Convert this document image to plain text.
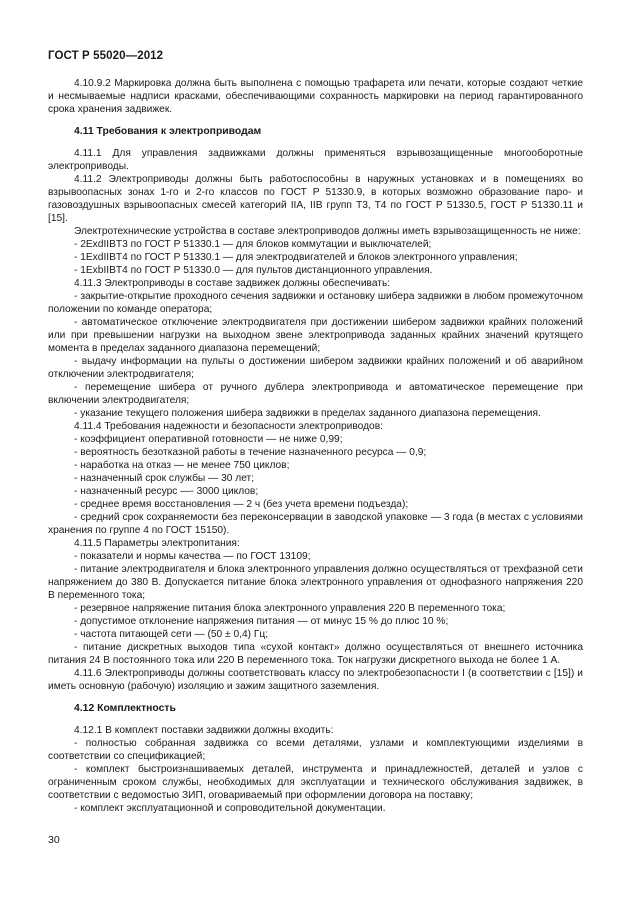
ГОСТ Р 55020—2012

4.10.9.2 Маркировка должна быть выполнена с помощью трафарета или печати, которые создают четкие и несмываемые надписи красками, обеспечивающими сохранность маркировки на период гарантированного срока хранения задвижек.

4.11 Требования к электроприводам

4.11.1 Для управления задвижками должны применяться взрывозащищенные многооборотные электроприводы.

4.11.2 Электроприводы должны быть работоспособны в наружных установках и в помещениях во взрывоопасных зонах 1-го и 2-го классов по ГОСТ Р 51330.9, в которых возможно образование паро- и газовоздушных взрывоопасных смесей категорий IIA, IIB групп T3, T4 по ГОСТ Р 51330.5, ГОСТ Р 51330.11 и [15].

Электротехнические устройства в составе электроприводов должны иметь взрывозащищенность не ниже:

- 2ExdIIBT3 по ГОСТ Р 51330.1 — для блоков коммутации и выключателей;

- 1ExdIIBT4 по ГОСТ Р 51330.1 — для электродвигателей и блоков электронного управления;

- 1ExbIIBT4 по ГОСТ Р 51330.0 — для пультов дистанционного управления.

4.11.3 Электроприводы в составе задвижек должны обеспечивать:

- закрытие-открытие проходного сечения задвижки и остановку шибера задвижки в любом промежуточном положении по команде оператора;

- автоматическое отключение электродвигателя при достижении шибером задвижки крайних положений или при превышении нагрузки на выходном звене электропривода заданных крайних значений крутящего момента в пределах заданного диапазона перемещений;

- выдачу информации на пульты о достижении шибером задвижки крайних положений и об аварийном отключении электродвигателя;

- перемещение шибера от ручного дублера электропривода и автоматическое перемещение при включении электродвигателя;

- указание текущего положения шибера задвижки в пределах заданного диапазона перемещения.

4.11.4 Требования надежности и безопасности электроприводов:

- коэффициент оперативной готовности — не ниже 0,99;

- вероятность безотказной работы в течение назначенного ресурса — 0,9;

- наработка на отказ — не менее 750 циклов;

- назначенный срок службы — 30 лет;

- назначенный ресурс —- 3000 циклов;

- среднее время восстановления — 2 ч (без учета времени подъезда);

- средний срок сохраняемости без переконсервации в заводской упаковке — 3 года (в местах с условиями хранения по группе 4 по ГОСТ 15150).

4.11.5 Параметры электропитания:

- показатели и нормы качества — по ГОСТ 13109;

- питание электродвигателя и блока электронного управления должно осуществляться от трехфазной сети напряжением до 380 В. Допускается питание блока электронного управления от однофазного напряжения 220 В переменного тока;

- резервное напряжение питания блока электронного управления 220 В переменного тока;

- допустимое отклонение напряжения питания — от минус 15 % до плюс 10 %;

- частота питающей сети — (50 ± 0,4) Гц;

- питание дискретных выходов типа «сухой контакт» должно осуществляться от внешнего источника питания 24 В постоянного тока или 220 В переменного тока. Ток нагрузки дискретного выхода не более 1 А.

4.11.6 Электроприводы должны соответствовать классу по электробезопасности I (в соответствии с [15]) и иметь основную (рабочую) изоляцию и зажим защитного заземления.

4.12 Комплектность

4.12.1 В комплект поставки задвижки должны входить:

- полностью собранная задвижка со всеми деталями, узлами и комплектующими изделиями в соответствии со спецификацией;

- комплект быстроизнашиваемых деталей, инструмента и принадлежностей, деталей и узлов с ограниченным сроком службы, необходимых для эксплуатации и технического обслуживания задвижек, в соответствии с ведомостью ЗИП, оговариваемый при оформлении договора на поставку;

- комплект эксплуатационной и сопроводительной документации.

30
